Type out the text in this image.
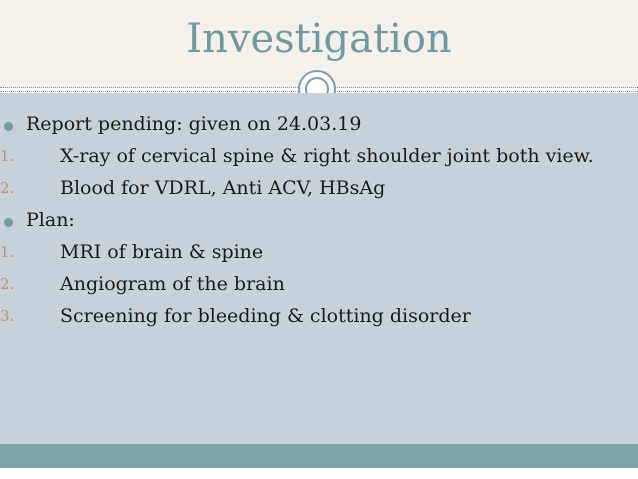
Investigation
Report pending: given on 24.03.19
1.	X-ray of cervical spine & right shoulder joint both view.
2.	Blood for VDRL, Anti ACV, HBsAg
Plan:
1.	MRI of brain & spine
2.	Angiogram of the brain
3.	Screening for bleeding & clotting disorder
